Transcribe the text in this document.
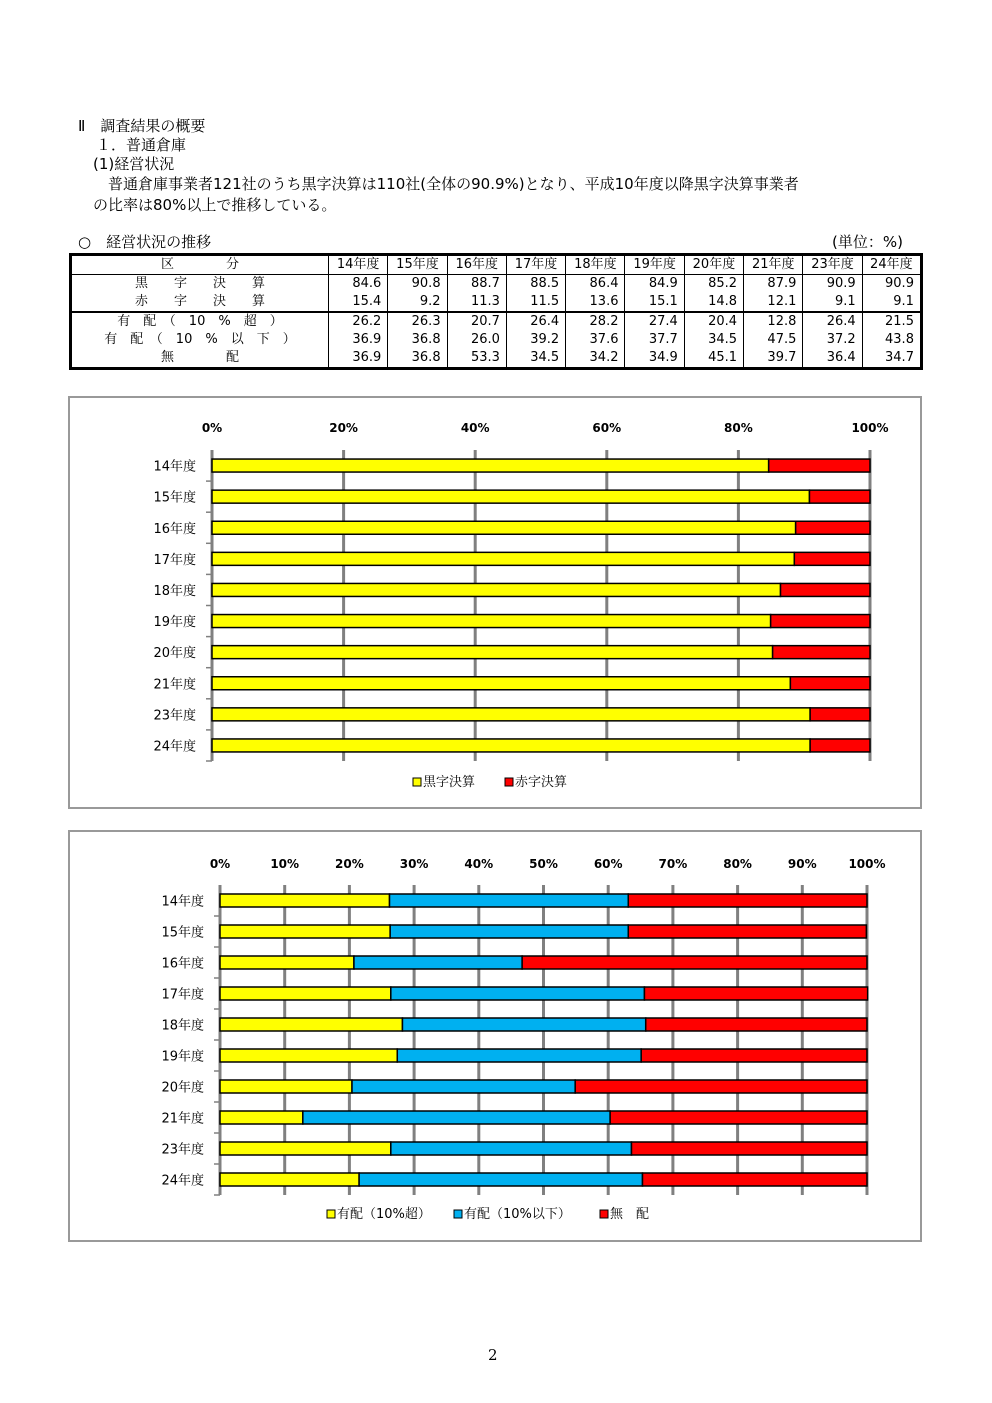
Ⅱ　調査結果の概要
１．普通倉庫
(1)経営状況
普通倉庫事業者121社のうち黒字決算は110社(全体の90.9%)となり、平成10年度以降黒字決算事業者
の比率は80%以上で推移している。
○　経営状況の推移	(単位：%)
区　　　　分	14年度	15年度	16年度	17年度	18年度	19年度	20年度	21年度	23年度	24年度
黒　　字　　決　　算	84.6	90.8	88.7	88.5	86.4	84.9	85.2	87.9	90.9	90.9
赤　　字　　決　　算	15.4	9.2	11.3	11.5	13.6	15.1	14.8	12.1	9.1	9.1
有　配　（　10　%　超　）	26.2	26.3	20.7	26.4	28.2	27.4	20.4	12.8	26.4	21.5
有　配　（　10　%　以　下　）	36.9	36.8	26.0	39.2	37.6	37.7	34.5	47.5	37.2	43.8
無　　　　配	36.9	36.8	53.3	34.5	34.2	34.9	45.1	39.7	36.4	34.7
0%	20%	40%	60%	80%	100%
14年度
15年度
16年度
17年度
18年度
19年度
20年度
21年度
23年度
24年度
黒字決算	赤字決算
0%	10%	20%	30%	40%	50%	60%	70%	80%	90%	100%
14年度
15年度
16年度
17年度
18年度
19年度
20年度
21年度
23年度
24年度
有配（10%超）	有配（10%以下）	無　配
2
